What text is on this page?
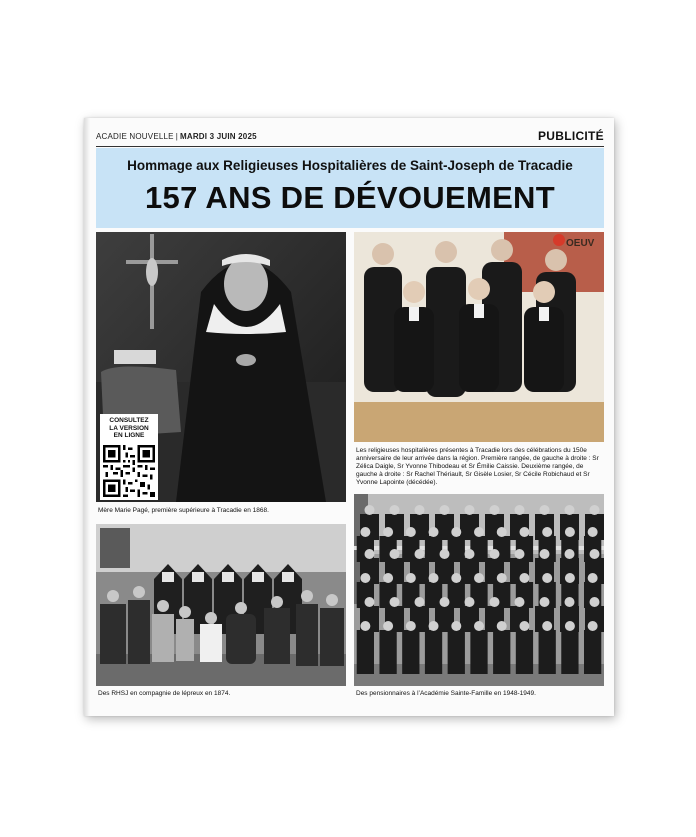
ACADIE NOUVELLE | MARDI 3 JUIN 2025	PUBLICITÉ
Hommage aux Religieuses Hospitalières de Saint-Joseph de Tracadie
157 ANS DE DÉVOUEMENT
CONSULTEZ
LA VERSION
EN LIGNE
Mère Marie Pagé, première supérieure à Tracadie en 1868.
OEUV
Les religieuses hospitalières présentes à Tracadie lors des célébrations du 150e anniversaire de leur arrivée dans la région. Première rangée, de gauche à droite : Sr Zélica Daigle, Sr Yvonne Thibodeau et Sr Émilie Caissie. Deuxième rangée, de gauche à droite : Sr Rachel Thériault, Sr Gisèle Losier, Sr Cécile Robichaud et Sr Yvonne Lapointe (décédée).
Des RHSJ en compagnie de lépreux en 1874.	Des pensionnaires à l’Académie Sainte-Famille en 1948-1949.
